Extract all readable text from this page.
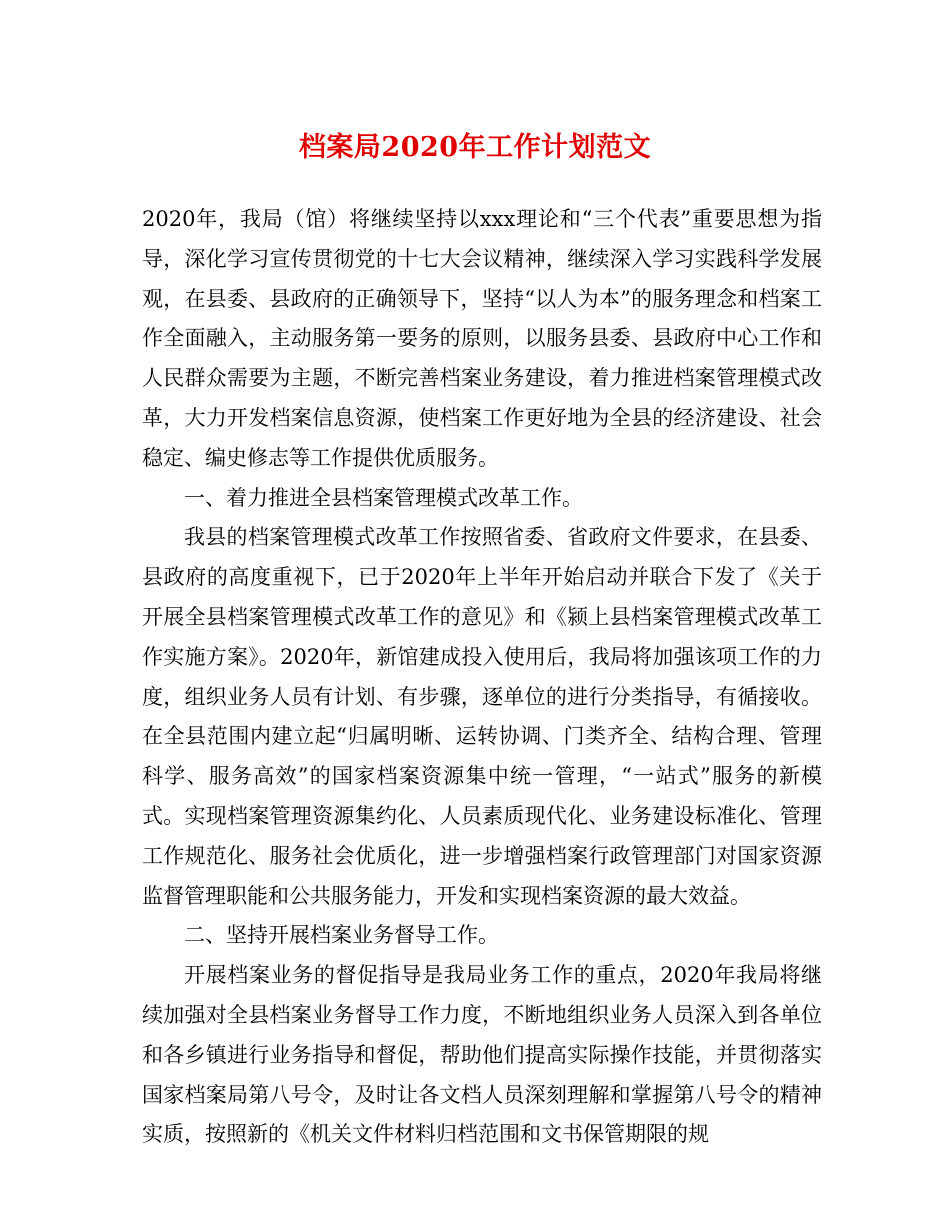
档案局2020年工作计划范文

2020年，我局（馆）将继续坚持以xxx理论和“三个代表”重要思想为指导，深化学习宣传贯彻党的十七大会议精神，继续深入学习实践科学发展观，在县委、县政府的正确领导下，坚持“以人为本”的服务理念和档案工作全面融入，主动服务第一要务的原则，以服务县委、县政府中心工作和人民群众需要为主题，不断完善档案业务建设，着力推进档案管理模式改革，大力开发档案信息资源，使档案工作更好地为全县的经济建设、社会稳定、编史修志等工作提供优质服务。

一、着力推进全县档案管理模式改革工作。

我县的档案管理模式改革工作按照省委、省政府文件要求，在县委、县政府的高度重视下，已于2020年上半年开始启动并联合下发了《关于开展全县档案管理模式改革工作的意见》和《颍上县档案管理模式改革工作实施方案》。2020年，新馆建成投入使用后，我局将加强该项工作的力度，组织业务人员有计划、有步骤，逐单位的进行分类指导，有循接收。在全县范围内建立起“归属明晰、运转协调、门类齐全、结构合理、管理科学、服务高效”的国家档案资源集中统一管理，“一站式”服务的新模式。实现档案管理资源集约化、人员素质现代化、业务建设标准化、管理工作规范化、服务社会优质化，进一步增强档案行政管理部门对国家资源监督管理职能和公共服务能力，开发和实现档案资源的最大效益。

二、坚持开展档案业务督导工作。

开展档案业务的督促指导是我局业务工作的重点，2020年我局将继续加强对全县档案业务督导工作力度，不断地组织业务人员深入到各单位和各乡镇进行业务指导和督促，帮助他们提高实际操作技能，并贯彻落实国家档案局第八号令，及时让各文档人员深刻理解和掌握第八号令的精神实质，按照新的《机关文件材料归档范围和文书保管期限的规
